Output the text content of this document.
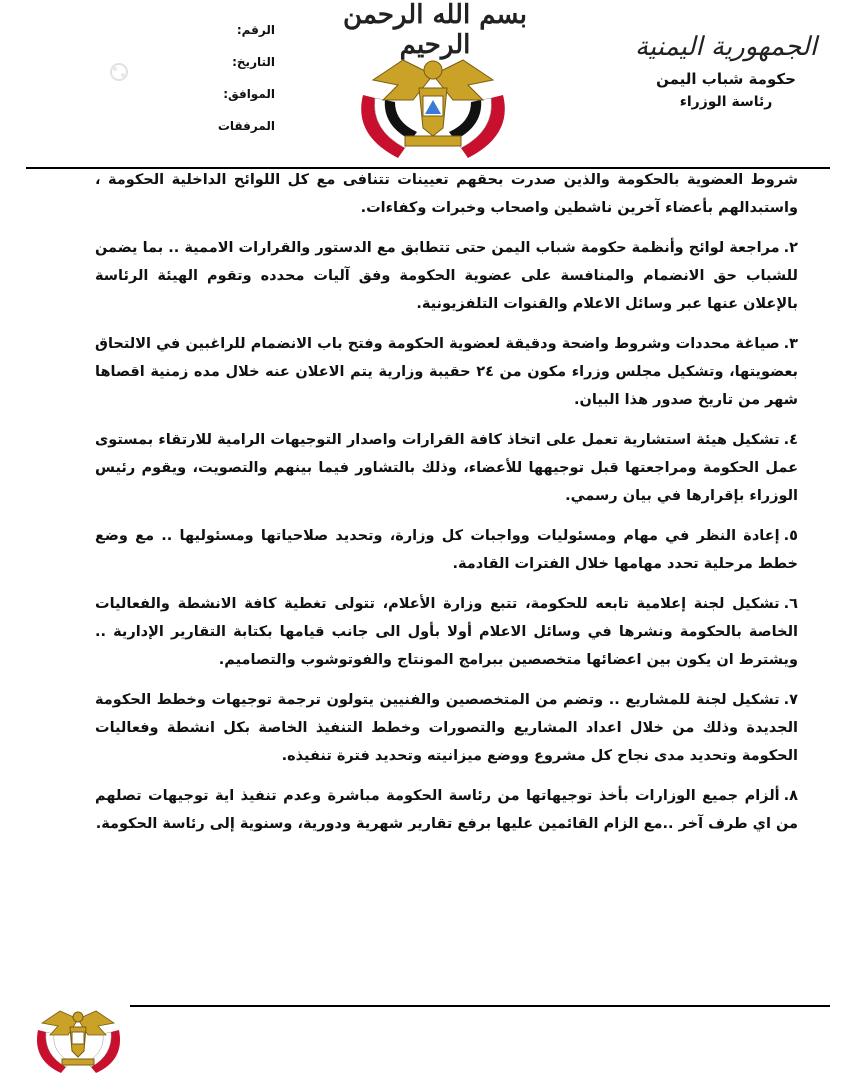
الجمهورية اليمنية
حكومة شباب اليمن
رئاسة الوزراء
بسم الله الرحمن الرحيم
الرقم:
التاريخ:
الموافق:
المرفقات

شروط العضوية بالحكومة والذين صدرت بحقهم تعيينات تتنافى مع كل اللوائح الداخلية الحكومة ، واستبدالهم بأعضاء آخرين ناشطين واصحاب وخبرات وكفاءات.

٢.مراجعة لوائح وأنظمة حكومة شباب اليمن حتى تتطابق مع الدستور والقرارات الاممية .. بما يضمن للشباب حق الانضمام والمنافسة على عضوية الحكومة وفق آليات محدده وتقوم الهيئة الرئاسة بالإعلان عنها عبر وسائل الاعلام والقنوات التلفزيونية.

٣.صياغة محددات وشروط واضحة ودقيقة لعضوية الحكومة وفتح باب الانضمام للراغبين في الالتحاق بعضويتها، وتشكيل مجلس وزراء مكون من ٢٤ حقيبة وزارية يتم الاعلان عنه خلال مده زمنية اقصاها شهر من تاريخ صدور هذا البيان.

٤.تشكيل هيئة استشارية تعمل على اتخاذ كافة القرارات واصدار التوجيهات الرامية للارتقاء بمستوى عمل الحكومة ومراجعتها قبل توجيهها للأعضاء، وذلك بالتشاور فيما بينهم والتصويت، ويقوم رئيس الوزراء بإقرارها في بيان رسمي.

٥.إعادة النظر في مهام ومسئوليات وواجبات كل وزارة، وتحديد صلاحياتها ومسئوليها .. مع وضع خطط مرحلية تحدد مهامها خلال الفترات القادمة.

٦.تشكيل لجنة إعلامية تابعه للحكومة، تتبع وزارة الأعلام، تتولى تغطية كافة الانشطة والفعاليات الخاصة بالحكومة ونشرها في وسائل الاعلام أولا بأول الى جانب قيامها بكتابة التقارير الإدارية .. ويشترط ان يكون بين اعضائها متخصصين ببرامج المونتاج والفوتوشوب والتصاميم.

٧.تشكيل لجنة للمشاريع .. وتضم من المتخصصين والفنيين يتولون ترجمة توجيهات وخطط الحكومة الجديدة وذلك من خلال اعداد المشاريع والتصورات وخطط التنفيذ الخاصة بكل انشطة وفعاليات الحكومة وتحديد مدى نجاح كل مشروع ووضع ميزانيته وتحديد فترة تنفيذه.

٨.ألزام جميع الوزارات بأخذ توجيهاتها من رئاسة الحكومة مباشرة وعدم تنفيذ اية توجيهات تصلهم من اي طرف آخر ..مع الزام القائمين عليها برفع تقارير شهرية ودورية، وسنوية إلى رئاسة الحكومة.
